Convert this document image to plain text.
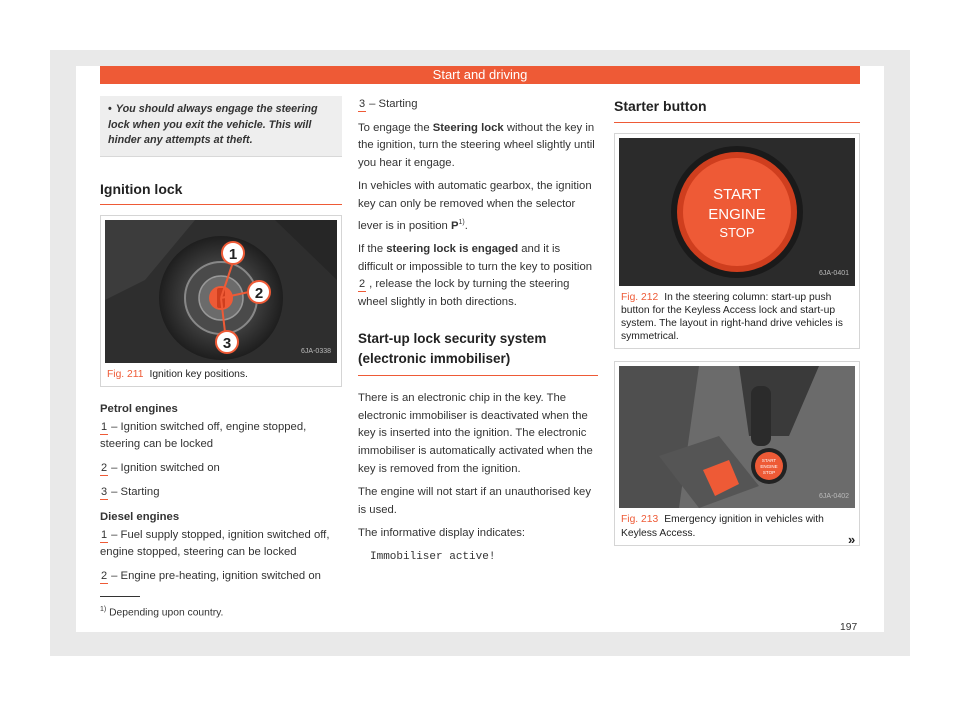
Start and driving
• You should always engage the steering lock when you exit the vehicle. This will hinder any attempts at theft.
Ignition lock
1
2
3	6JA-0338
Fig. 211 Ignition key positions.

Petrol engines

1 – Ignition switched off, engine stopped, steering can be locked

2 – Ignition switched on

3 – Starting

Diesel engines

1 – Fuel supply stopped, ignition switched off, engine stopped, steering can be locked

2 – Engine pre-heating, ignition switched on

3 – Starting

To engage the Steering lock without the key in the ignition, turn the steering wheel slightly until you hear it engage.

In vehicles with automatic gearbox, the ignition key can only be removed when the selector lever is in position $P^{1)}$.

If the steering lock is engaged and it is difficult or impossible to turn the key to position 2 , release the lock by turning the steering wheel slightly in both directions.

Start-up lock security system (electronic immobiliser)

There is an electronic chip in the key. The electronic immobiliser is deactivated when the key is inserted into the ignition. The electronic immobiliser is automatically activated when the key is removed from the ignition.

The engine will not start if an unauthorised key is used.

The informative display indicates:

Immobiliser active!

Starter button
START
ENGINE
STOP
6JA-0401
Fig. 212 In the steering column: start-up push button for the Keyless Access lock and start-up system. The layout in right-hand drive vehicles is symmetrical.
START
ENGINE
STOP
6JA-0402
Fig. 213 Emergency ignition in vehicles with Keyless Access.	»
$^{1)}$ Depending upon country.
197
